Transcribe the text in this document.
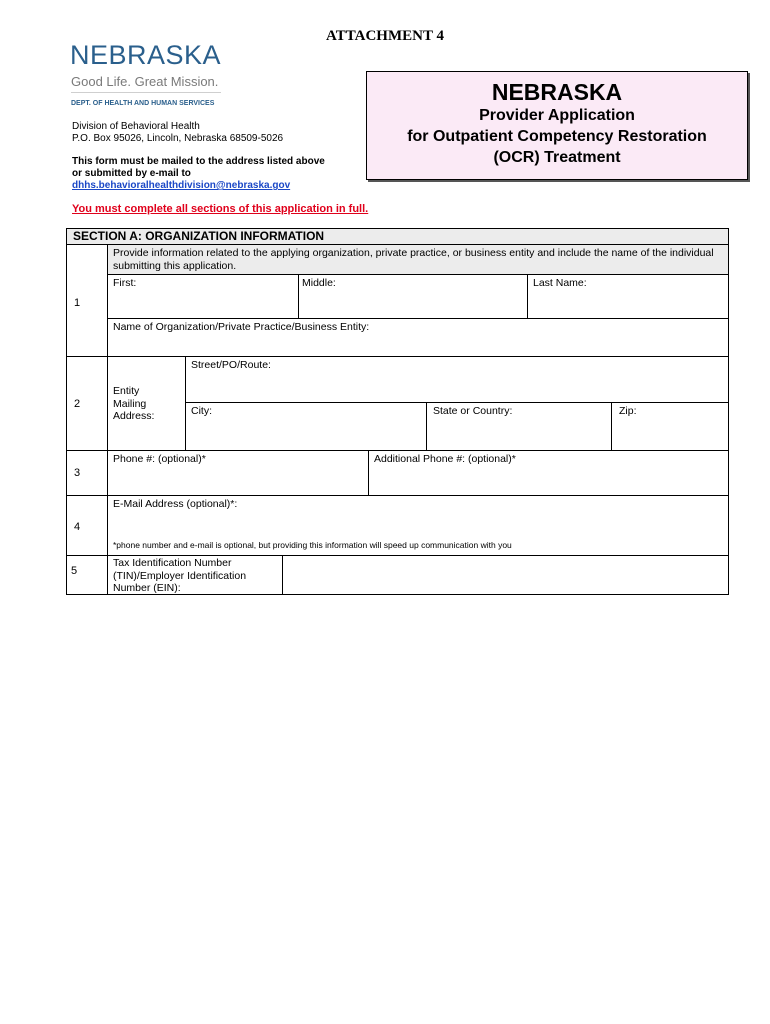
ATTACHMENT 4
NEBRASKA
Good Life. Great Mission.
DEPT. OF HEALTH AND HUMAN SERVICES
Division of Behavioral Health
P.O. Box 95026, Lincoln, Nebraska 68509-5026
This form must be mailed to the address listed above
or submitted by e-mail to
dhhs.behavioralhealthdivision@nebraska.gov
NEBRASKA
Provider Application
for Outpatient Competency Restoration
(OCR) Treatment
You must complete all sections of this application in full.
SECTION A: ORGANIZATION INFORMATION
Provide information related to the applying organization, private practice, or business entity and include the name of the individual submitting this application.
1
First:	Middle:	Last Name:
Name of Organization/Private Practice/Business Entity:
2
Entity Mailing Address:
Street/PO/Route:
City:	State or Country:	Zip:
3
Phone #: (optional)*	Additional Phone #: (optional)*
4
E-Mail Address (optional)*:
*phone number and e-mail is optional, but providing this information will speed up communication with you
5
Tax Identification Number (TIN)/Employer Identification Number (EIN):
